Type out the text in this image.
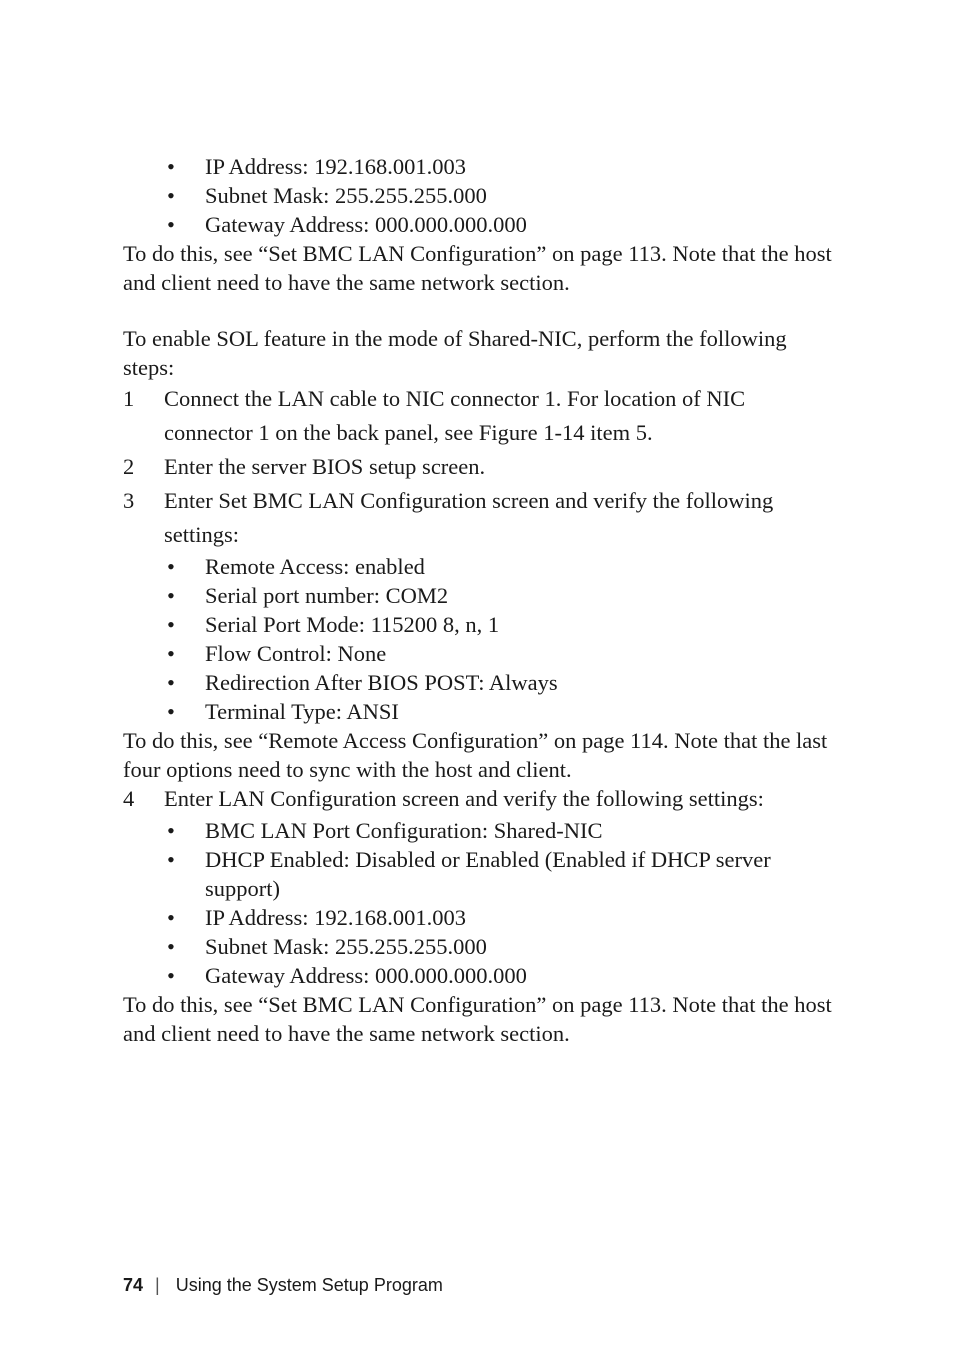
• IP Address: 192.168.001.003
• Subnet Mask: 255.255.255.000
• Gateway Address: 000.000.000.000

To do this, see “Set BMC LAN Configuration” on page 113. Note that the host and client need to have the same network section.

To enable SOL feature in the mode of Shared-NIC, perform the following steps:

1 Connect the LAN cable to NIC connector 1. For location of NIC connector 1 on the back panel, see Figure 1-14 item 5.
2 Enter the server BIOS setup screen.
3 Enter Set BMC LAN Configuration screen and verify the following settings:
• Remote Access: enabled
• Serial port number: COM2
• Serial Port Mode: 115200 8, n, 1
• Flow Control: None
• Redirection After BIOS POST: Always
• Terminal Type: ANSI

To do this, see “Remote Access Configuration” on page 114. Note that the last four options need to sync with the host and client.

4 Enter LAN Configuration screen and verify the following settings:
• BMC LAN Port Configuration: Shared-NIC
• DHCP Enabled: Disabled or Enabled (Enabled if DHCP server support)
• IP Address: 192.168.001.003
• Subnet Mask: 255.255.255.000
• Gateway Address: 000.000.000.000

To do this, see “Set BMC LAN Configuration” on page 113. Note that the host and client need to have the same network section.

74 | Using the System Setup Program
